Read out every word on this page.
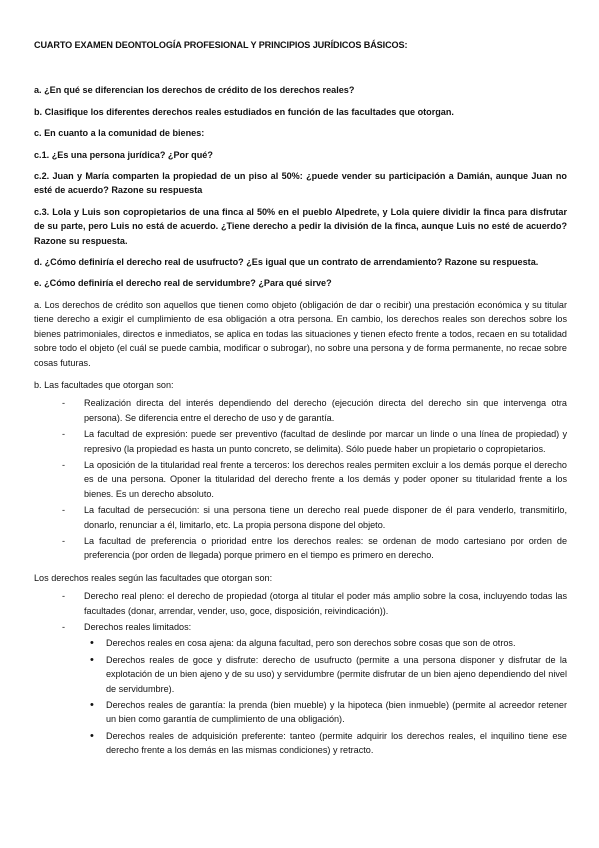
CUARTO EXAMEN DEONTOLOGÍA PROFESIONAL Y PRINCIPIOS JURÍDICOS BÁSICOS:

a. ¿En qué se diferencian los derechos de crédito de los derechos reales?

b. Clasifique los diferentes derechos reales estudiados en función de las facultades que otorgan.

c. En cuanto a la comunidad de bienes:

c.1. ¿Es una persona jurídica? ¿Por qué?

c.2. Juan y María comparten la propiedad de un piso al 50%: ¿puede vender su participación a Damián, aunque Juan no esté de acuerdo? Razone su respuesta

c.3. Lola y Luis son copropietarios de una finca al 50% en el pueblo Alpedrete, y Lola quiere dividir la finca para disfrutar de su parte, pero Luis no está de acuerdo. ¿Tiene derecho a pedir la división de la finca, aunque Luis no esté de acuerdo? Razone su respuesta.

d. ¿Cómo definiría el derecho real de usufructo? ¿Es igual que un contrato de arrendamiento? Razone su respuesta.

e. ¿Cómo definiría el derecho real de servidumbre? ¿Para qué sirve?

a. Los derechos de crédito son aquellos que tienen como objeto (obligación de dar o recibir) una prestación económica y su titular tiene derecho a exigir el cumplimiento de esa obligación a otra persona. En cambio, los derechos reales son derechos sobre los bienes patrimoniales, directos e inmediatos, se aplica en todas las situaciones y tienen efecto frente a todos, recaen en su totalidad sobre todo el objeto (el cuál se puede cambia, modificar o subrogar), no sobre una persona y de forma permanente, no recae sobre cosas futuras.

b. Las facultades que otorgan son:

- Realización directa del interés dependiendo del derecho (ejecución directa del derecho sin que intervenga otra persona). Se diferencia entre el derecho de uso y de garantía.
- La facultad de expresión: puede ser preventivo (facultad de deslinde por marcar un linde o una línea de propiedad) y represivo (la propiedad es hasta un punto concreto, se delimita). Sólo puede haber un propietario o copropietarios.
- La oposición de la titularidad real frente a terceros: los derechos reales permiten excluir a los demás porque el derecho es de una persona. Oponer la titularidad del derecho frente a los demás y poder oponer su titularidad frente a los bienes. Es un derecho absoluto.
- La facultad de persecución: si una persona tiene un derecho real puede disponer de él para venderlo, transmitirlo, donarlo, renunciar a él, limitarlo, etc. La propia persona dispone del objeto.
- La facultad de preferencia o prioridad entre los derechos reales: se ordenan de modo cartesiano por orden de preferencia (por orden de llegada) porque primero en el tiempo es primero en derecho.

Los derechos reales según las facultades que otorgan son:

- Derecho real pleno: el derecho de propiedad (otorga al titular el poder más amplio sobre la cosa, incluyendo todas las facultades (donar, arrendar, vender, uso, goce, disposición, reivindicación)).
- Derechos reales limitados:
• Derechos reales en cosa ajena: da alguna facultad, pero son derechos sobre cosas que son de otros.
• Derechos reales de goce y disfrute: derecho de usufructo (permite a una persona disponer y disfrutar de la explotación de un bien ajeno y de su uso) y servidumbre (permite disfrutar de un bien ajeno dependiendo del nivel de servidumbre).
• Derechos reales de garantía: la prenda (bien mueble) y la hipoteca (bien inmueble) (permite al acreedor retener un bien como garantía de cumplimiento de una obligación).
• Derechos reales de adquisición preferente: tanteo (permite adquirir los derechos reales, el inquilino tiene ese derecho frente a los demás en las mismas condiciones) y retracto.
